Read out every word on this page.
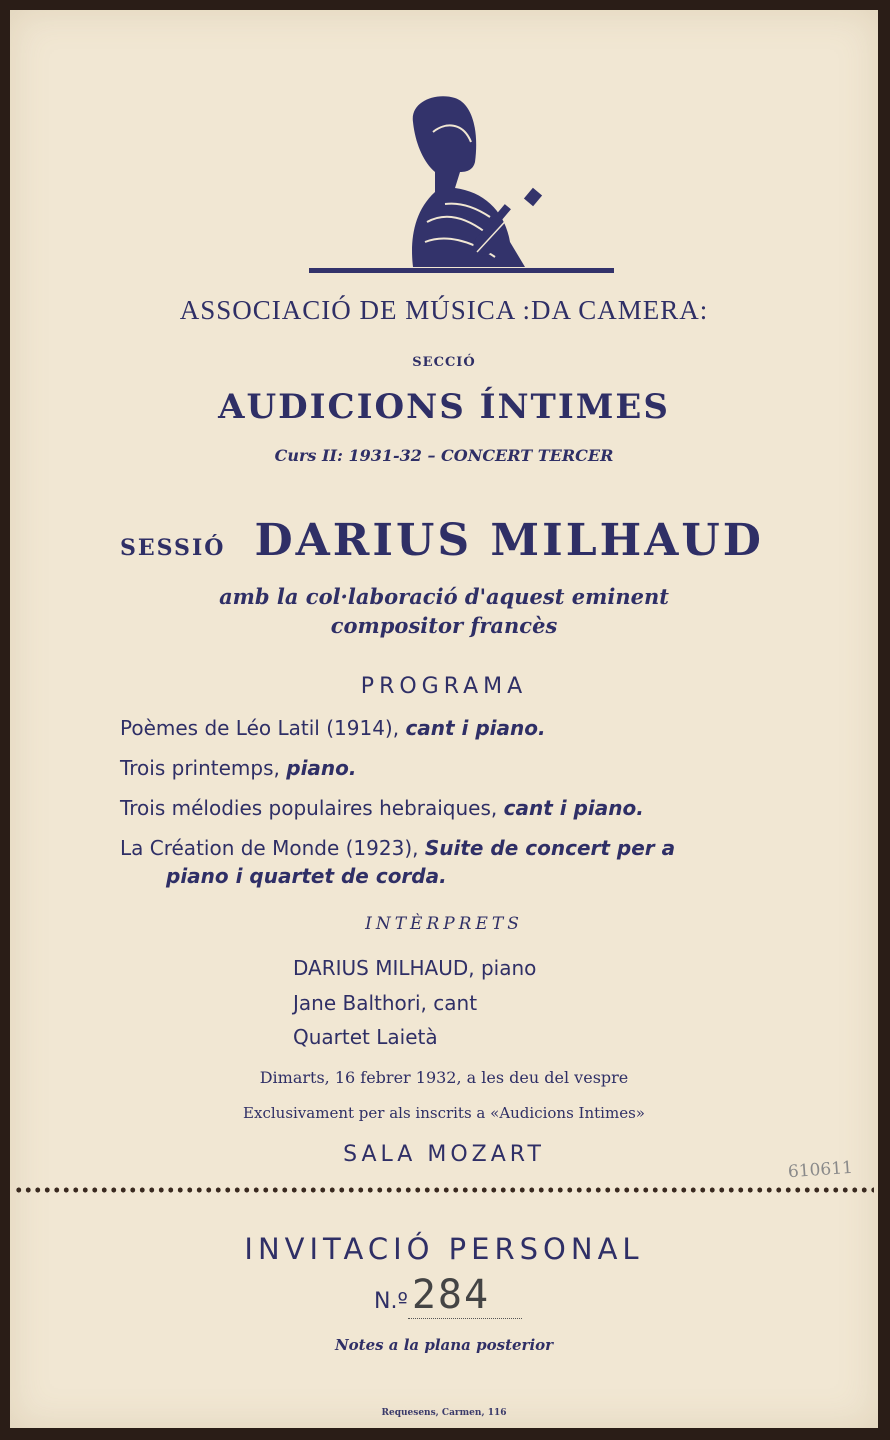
ASSOCIACIÓ DE MÚSICA :DA CAMERA:
SECCIÓ
AUDICIONS ÍNTIMES
Curs II: 1931-32 – CONCERT TERCER
SESSIÓ DARIUS MILHAUD
amb la col·laboració d'aquest eminent
compositor francès
PROGRAMA
Poèmes de Léo Latil (1914), cant i piano.
Trois printemps, piano.
Trois mélodies populaires hebraiques, cant i piano.
La Création de Monde (1923), Suite de concert per a
piano i quartet de corda.
INTÈRPRETS
DARIUS MILHAUD, piano
Jane Balthori, cant
Quartet Laietà
Dimarts, 16 febrer 1932, a les deu del vespre
Exclusivament per als inscrits a «Audicions Intimes»
SALA MOZART
610611
INVITACIÓ PERSONAL
N.º 284
Notes a la plana posterior
Requesens, Carmen, 116
